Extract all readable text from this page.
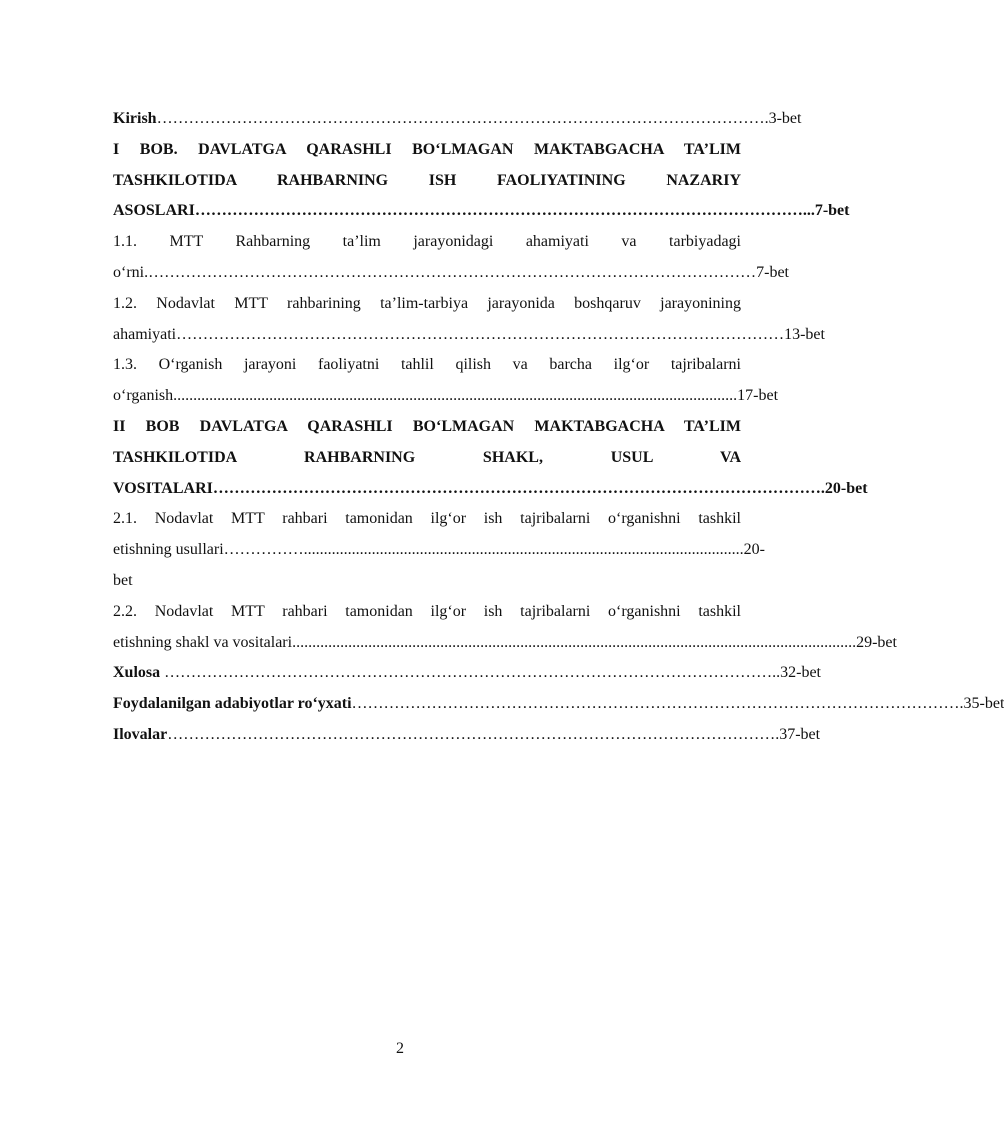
Kirish …………………………………………………………………………………………………… .3-bet
I BOB. DAVLATGA QARASHLI BO‘LMAGAN MAKTABGACHA TA’LIM
TASHKILOTIDA RAHBARNING ISH FAOLIYATINING NAZARIY
ASOSLARI …………………………………………………………………………………………………… ...7-bet
1.1. MTT Rahbarning ta’lim jarayonidagi ahamiyati va tarbiyadagi
o‘rni. …………………………………………………………………………………………………… 7-bet
1.2. Nodavlat MTT rahbarining ta’lim-tarbiya jarayonida boshqaruv jarayonining
ahamiyati …………………………………………………………………………………………………… 13-bet
1.3. O‘rganish jarayoni faoliyatni tahlil qilish va barcha ilg‘or tajribalarni
o‘rganish ............................................................................................................................................. 17-bet
II BOB DAVLATGA QARASHLI BO‘LMAGAN MAKTABGACHA TA’LIM
TASHKILOTIDA RAHBARNING SHAKL, USUL VA
VOSITALARI …………………………………………………………………………………………………… .20-bet
2.1. Nodavlat MTT rahbari tamonidan ilg‘or ish tajribalarni o‘rganishni tashkil
etishning usullari …………….............................................................................................................. 20-
bet
2.2. Nodavlat MTT rahbari tamonidan ilg‘or ish tajribalarni o‘rganishni tashkil
etishning shakl va vositalari ............................................................................................................................................. 29-bet
Xulosa …………………………………………………………………………………………………… ..32-bet
Foydalanilgan adabiyotlar ro‘yxati …………………………………………………………………………………………………… .35-bet
Ilovalar …………………………………………………………………………………………………… .37-bet
2
